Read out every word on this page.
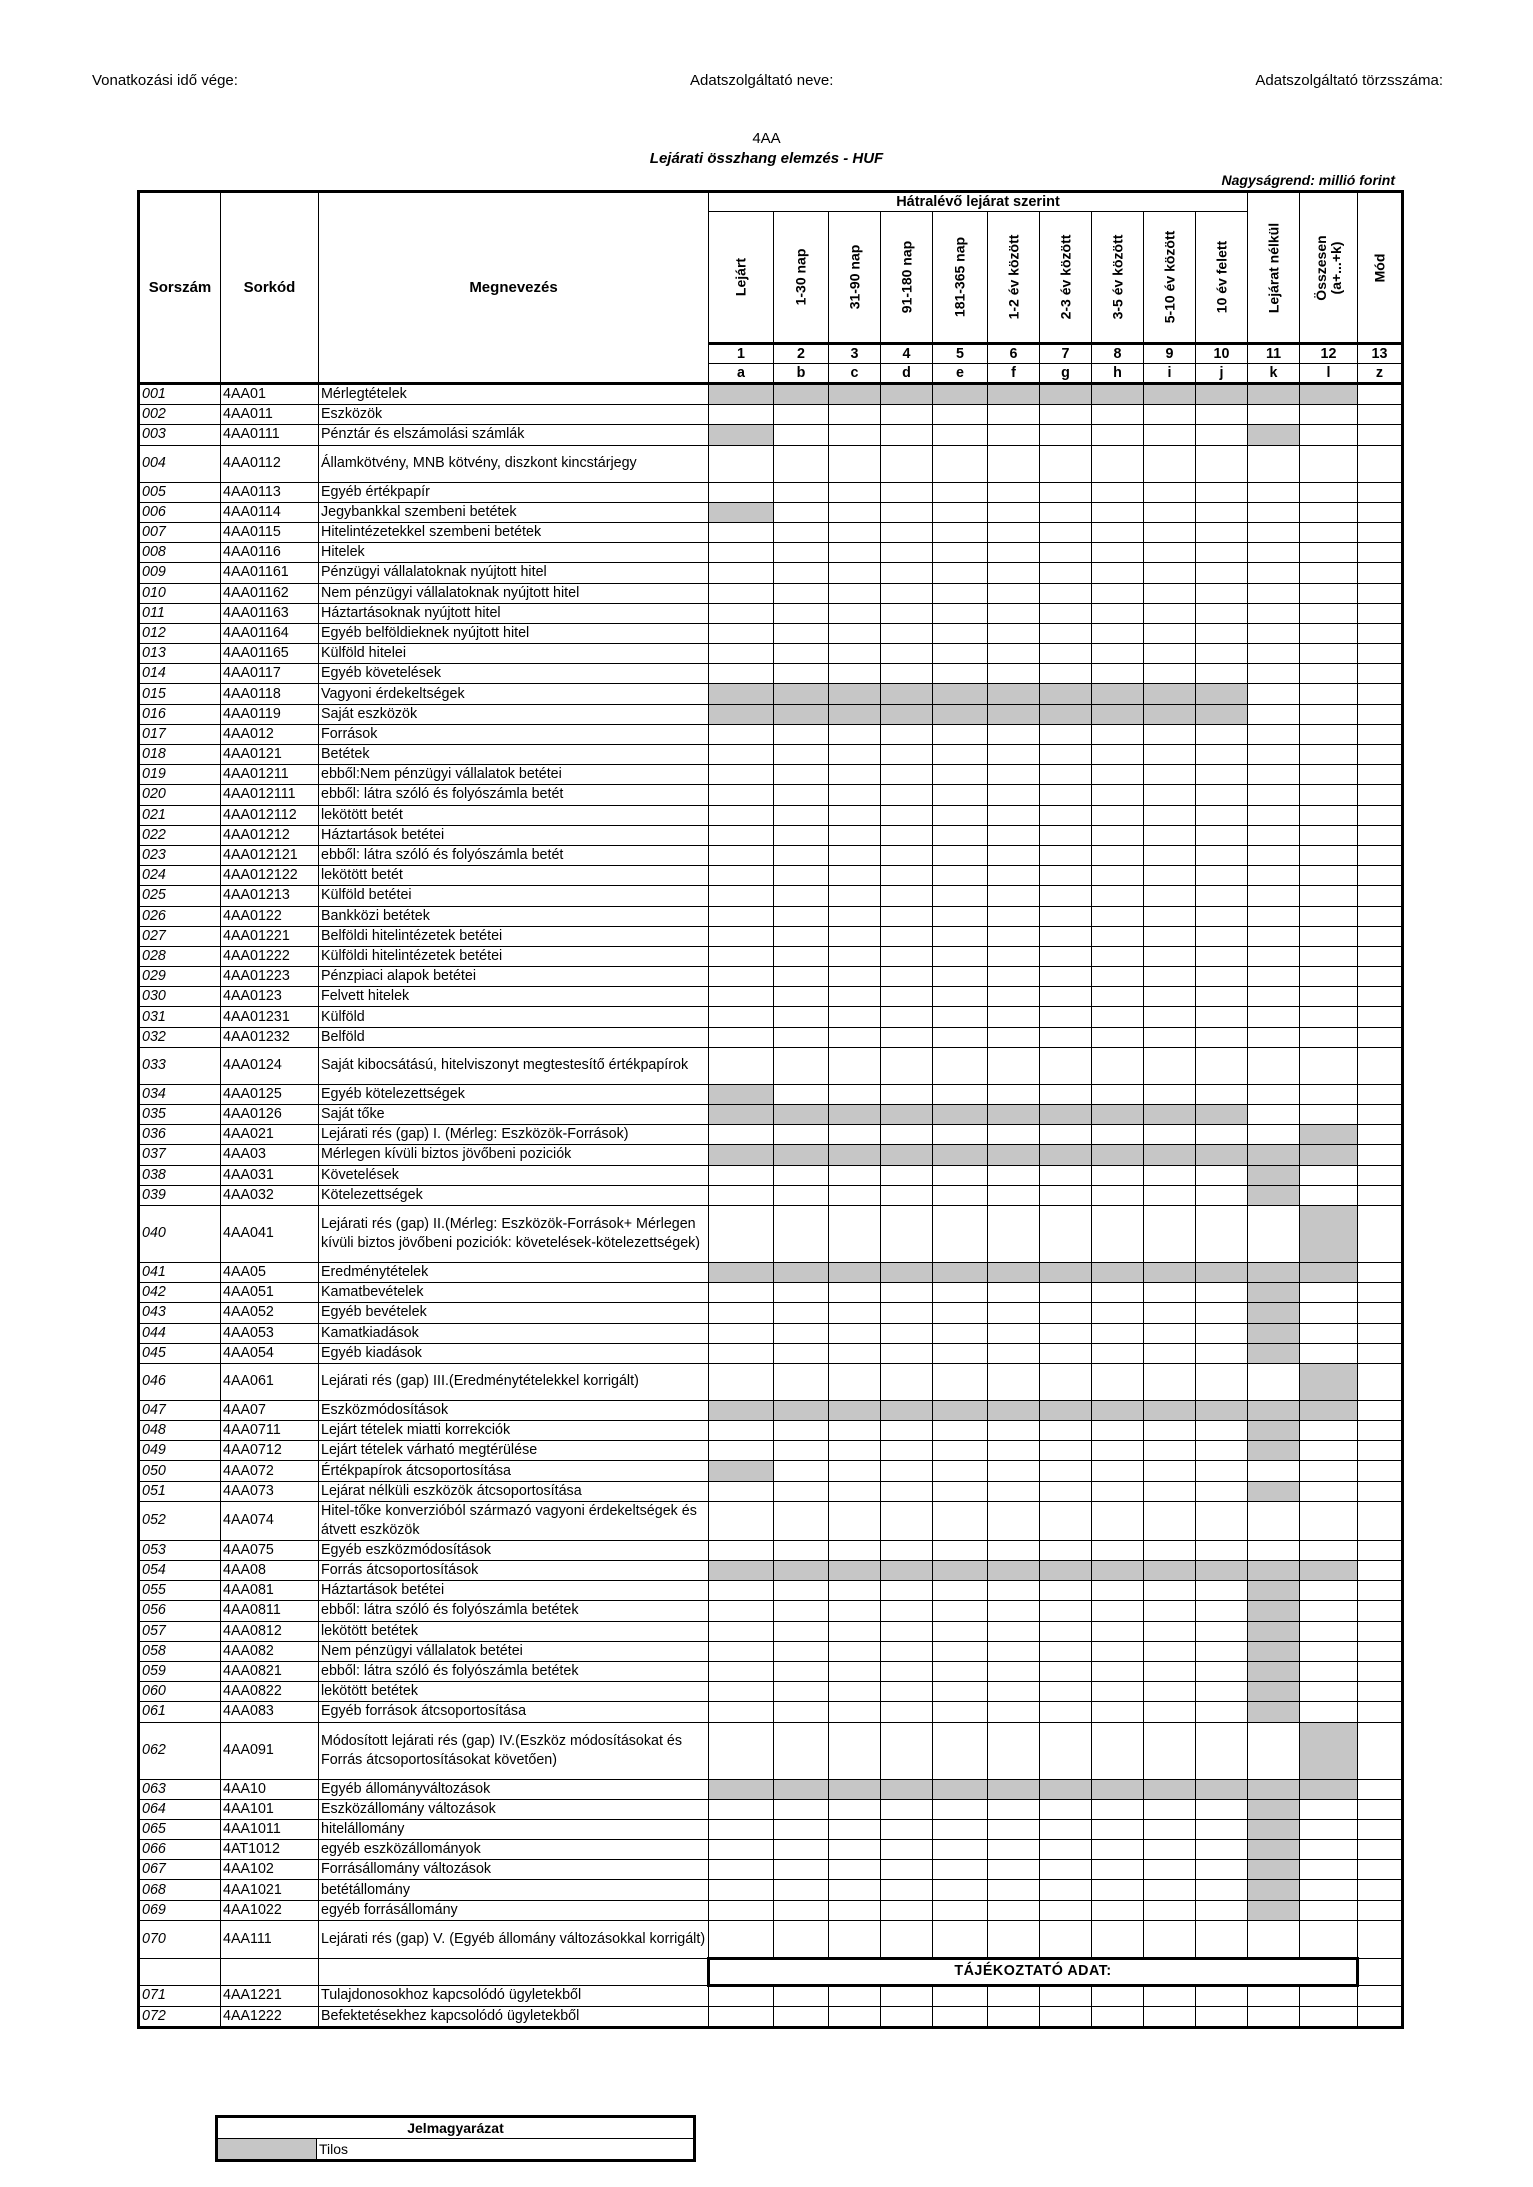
Vonatkozási idő vége:	Adatszolgáltató neve:	Adatszolgáltató törzsszáma:
4AA
Lejárati összhang elemzés - HUF
Nagyságrend: millió forint
Sorszám	Sorkód	Megnevezés	Hátralévő lejárat szerint										Lejárat nélkül	Összesen (a+...+k)	Mód

			Lejárt	1-30 nap	31-90 nap	91-180 nap	181-365 nap	1-2 év között	2-3 év között	3-5 év között	5-10 év között	10 év felett			

			1	2	3	4	5	6	7	8	9	10	11	12	13
			a	b	c	d	e	f	g	h	i	j	k	l	z
001	4AA01	Mérlegtételek													
002	4AA011	Eszközök													
003	4AA0111	Pénztár és elszámolási számlák													
004	4AA0112	Államkötvény, MNB kötvény, diszkont kincstárjegy													
005	4AA0113	Egyéb értékpapír													
006	4AA0114	Jegybankkal szembeni betétek													
007	4AA0115	Hitelintézetekkel szembeni betétek													
008	4AA0116	Hitelek													
009	4AA01161	Pénzügyi vállalatoknak nyújtott hitel													
010	4AA01162	Nem pénzügyi vállalatoknak nyújtott hitel													
011	4AA01163	Háztartásoknak nyújtott hitel													
012	4AA01164	Egyéb belföldieknek nyújtott hitel													
013	4AA01165	Külföld hitelei													
014	4AA0117	Egyéb követelések													
015	4AA0118	Vagyoni érdekeltségek													
016	4AA0119	Saját eszközök													
017	4AA012	Források													
018	4AA0121	Betétek													
019	4AA01211	ebből:Nem pénzügyi vállalatok betétei													
020	4AA012111	ebből: látra szóló és folyószámla betét													
021	4AA012112	lekötött betét													
022	4AA01212	Háztartások betétei													
023	4AA012121	ebből: látra szóló és folyószámla betét													
024	4AA012122	lekötött betét													
025	4AA01213	Külföld betétei													
026	4AA0122	Bankközi betétek													
027	4AA01221	Belföldi hitelintézetek betétei													
028	4AA01222	Külföldi hitelintézetek betétei													
029	4AA01223	Pénzpiaci alapok betétei													
030	4AA0123	Felvett hitelek													
031	4AA01231	Külföld													
032	4AA01232	Belföld													
033	4AA0124	Saját kibocsátású, hitelviszonyt megtestesítő értékpapírok													
034	4AA0125	Egyéb kötelezettségek													
035	4AA0126	Saját tőke													
036	4AA021	Lejárati rés (gap) I. (Mérleg: Eszközök-Források)													
037	4AA03	Mérlegen kívüli biztos jövőbeni poziciók													
038	4AA031	Követelések													
039	4AA032	Kötelezettségek													
040	4AA041	Lejárati rés (gap) II.(Mérleg: Eszközök-Források+ Mérlegen kívüli biztos jövőbeni poziciók: követelések-kötelezettségek)													
041	4AA05	Eredménytételek													
042	4AA051	Kamatbevételek													
043	4AA052	Egyéb bevételek													
044	4AA053	Kamatkiadások													
045	4AA054	Egyéb kiadások													
046	4AA061	Lejárati rés (gap) III.(Eredménytételekkel korrigált)													
047	4AA07	Eszközmódosítások													
048	4AA0711	Lejárt tételek miatti korrekciók													
049	4AA0712	Lejárt tételek várható megtérülése													
050	4AA072	Értékpapírok átcsoportosítása													
051	4AA073	Lejárat nélküli eszközök átcsoportosítása													
052	4AA074	Hitel-tőke konverzióból származó vagyoni érdekeltségek és átvett eszközök													
053	4AA075	Egyéb eszközmódosítások													
054	4AA08	Forrás átcsoportosítások													
055	4AA081	Háztartások betétei													
056	4AA0811	ebből: látra szóló és folyószámla betétek													
057	4AA0812	lekötött betétek													
058	4AA082	Nem pénzügyi vállalatok betétei													
059	4AA0821	ebből: látra szóló és folyószámla betétek													
060	4AA0822	lekötött betétek													
061	4AA083	Egyéb források átcsoportosítása													
062	4AA091	Módosított lejárati rés (gap) IV.(Eszköz módosításokat és Forrás átcsoportosításokat követően)													
063	4AA10	Egyéb állományváltozások													
064	4AA101	Eszközállomány változások													
065	4AA1011	hitelállomány													
066	4AT1012	egyéb eszközállományok													
067	4AA102	Forrásállomány változások													
068	4AA1021	betétállomány													
069	4AA1022	egyéb forrásállomány													
070	4AA111	Lejárati rés (gap) V. (Egyéb állomány változásokkal korrigált)													
			TÁJÉKOZTATÓ ADAT:												
071	4AA1221	Tulajdonosokhoz kapcsolódó ügyletekből													
072	4AA1222	Befektetésekhez kapcsolódó ügyletekből													
Jelmagyarázat
	Tilos
